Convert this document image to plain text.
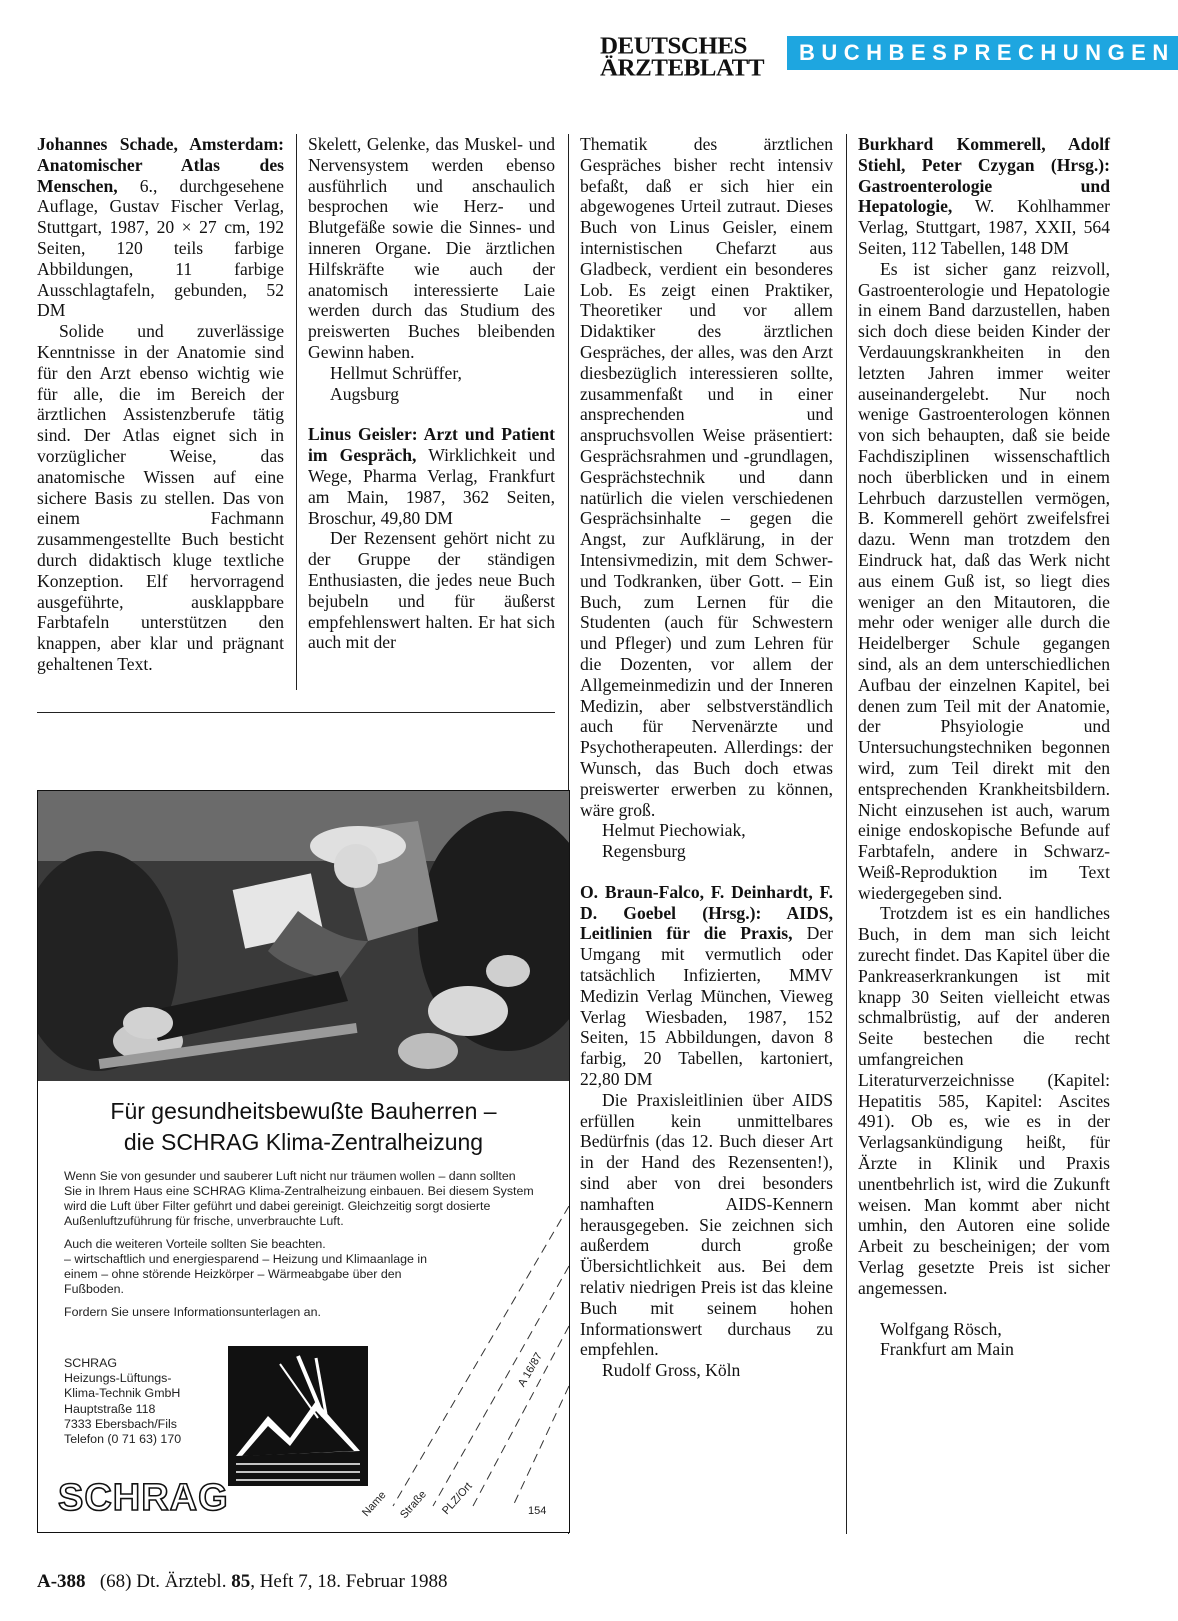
DEUTSCHES
ÄRZTEBLATT
BUCHBESPRECHUNGEN

Johannes Schade, Amsterdam: Anatomischer Atlas des Menschen, 6., durchgesehene Auflage, Gustav Fischer Verlag, Stuttgart, 1987, 20 × 27 cm, 192 Seiten, 120 teils farbige Abbildungen, 11 farbige Ausschlagtafeln, gebunden, 52 DM

Solide und zuverlässige Kenntnisse in der Anatomie sind für den Arzt ebenso wichtig wie für alle, die im Bereich der ärztlichen Assistenzberufe tätig sind. Der Atlas eignet sich in vorzüglicher Weise, das anatomische Wissen auf eine sichere Basis zu stellen. Das von einem Fachmann zusammengestellte Buch besticht durch didaktisch kluge textliche Konzeption. Elf hervorragend ausgeführte, ausklappbare Farbtafeln unterstützen den knappen, aber klar und prägnant gehaltenen Text.

Skelett, Gelenke, das Muskel- und Nervensystem werden ebenso ausführlich und anschaulich besprochen wie Herz- und Blutgefäße sowie die Sinnes- und inneren Organe. Die ärztlichen Hilfskräfte wie auch der anatomisch interessierte Laie werden durch das Studium des preiswerten Buches bleibenden Gewinn haben.

Hellmut Schrüffer,

Augsburg

Linus Geisler: Arzt und Patient im Gespräch, Wirklichkeit und Wege, Pharma Verlag, Frankfurt am Main, 1987, 362 Seiten, Broschur, 49,80 DM

Der Rezensent gehört nicht zu der Gruppe der ständigen Enthusiasten, die jedes neue Buch bejubeln und für äußerst empfehlenswert halten. Er hat sich auch mit der

Thematik des ärztlichen Gespräches bisher recht intensiv befaßt, daß er sich hier ein abgewogenes Urteil zutraut. Dieses Buch von Linus Geisler, einem internistischen Chefarzt aus Gladbeck, verdient ein besonderes Lob. Es zeigt einen Praktiker, Theoretiker und vor allem Didaktiker des ärztlichen Gespräches, der alles, was den Arzt diesbezüglich interessieren sollte, zusammenfaßt und in einer ansprechenden und anspruchsvollen Weise präsentiert: Gesprächsrahmen und -grundlagen, Gesprächstechnik und dann natürlich die vielen verschiedenen Gesprächsinhalte – gegen die Angst, zur Aufklärung, in der Intensivmedizin, mit dem Schwer- und Todkranken, über Gott. – Ein Buch, zum Lernen für die Studenten (auch für Schwestern und Pfleger) und zum Lehren für die Dozenten, vor allem der Allgemeinmedizin und der Inneren Medizin, aber selbstverständlich auch für Nervenärzte und Psychotherapeuten. Allerdings: der Wunsch, das Buch doch etwas preiswerter erwerben zu können, wäre groß.

Helmut Piechowiak,

Regensburg

O. Braun-Falco, F. Deinhardt, F. D. Goebel (Hrsg.): AIDS, Leitlinien für die Praxis, Der Umgang mit vermutlich oder tatsächlich Infizierten, MMV Medizin Verlag München, Vieweg Verlag Wiesbaden, 1987, 152 Seiten, 15 Abbildungen, davon 8 farbig, 20 Tabellen, kartoniert, 22,80 DM

Die Praxisleitlinien über AIDS erfüllen kein unmittelbares Bedürfnis (das 12. Buch dieser Art in der Hand des Rezensenten!), sind aber von drei besonders namhaften AIDS-Kennern herausgegeben. Sie zeichnen sich außerdem durch große Übersichtlichkeit aus. Bei dem relativ niedrigen Preis ist das kleine Buch mit seinem hohen Informationswert durchaus zu empfehlen.

Rudolf Gross, Köln

Burkhard Kommerell, Adolf Stiehl, Peter Czygan (Hrsg.): Gastroenterologie und Hepatologie, W. Kohlhammer Verlag, Stuttgart, 1987, XXII, 564 Seiten, 112 Tabellen, 148 DM

Es ist sicher ganz reizvoll, Gastroenterologie und Hepatologie in einem Band darzustellen, haben sich doch diese beiden Kinder der Verdauungskrankheiten in den letzten Jahren immer weiter auseinandergelebt. Nur noch wenige Gastroenterologen können von sich behaupten, daß sie beide Fachdisziplinen wissenschaftlich noch überblicken und in einem Lehrbuch darzustellen vermögen, B. Kommerell gehört zweifelsfrei dazu. Wenn man trotzdem den Eindruck hat, daß das Werk nicht aus einem Guß ist, so liegt dies weniger an den Mitautoren, die mehr oder weniger alle durch die Heidelberger Schule gegangen sind, als an dem unterschiedlichen Aufbau der einzelnen Kapitel, bei denen zum Teil mit der Anatomie, der Phsyiologie und Untersuchungstechniken begonnen wird, zum Teil direkt mit den entsprechenden Krankheitsbildern. Nicht einzusehen ist auch, warum einige endoskopische Befunde auf Farbtafeln, andere in Schwarz-Weiß-Reproduktion im Text wiedergegeben sind.

Trotzdem ist es ein handliches Buch, in dem man sich leicht zurecht findet. Das Kapitel über die Pankreaserkrankungen ist mit knapp 30 Seiten vielleicht etwas schmalbrüstig, auf der anderen Seite bestechen die recht umfangreichen Literaturverzeichnisse (Kapitel: Hepatitis 585, Kapitel: Ascites 491). Ob es, wie es in der Verlagsankündigung heißt, für Ärzte in Klinik und Praxis unentbehrlich ist, wird die Zukunft weisen. Man kommt aber nicht umhin, den Autoren eine solide Arbeit zu bescheinigen; der vom Verlag gesetzte Preis ist sicher angemessen.

Wolfgang Rösch,

Frankfurt am Main

Für gesundheitsbewußte Bauherren –
die SCHRAG Klima-Zentralheizung
Wenn Sie von gesunder und sauberer Luft nicht nur träumen wollen – dann sollten Sie in Ihrem Haus eine SCHRAG Klima-Zentralheizung einbauen. Bei diesem System wird die Luft über Filter geführt und dabei gereinigt. Gleichzeitig sorgt dosierte Außenluftzuführung für frische, unverbrauchte Luft.
Auch die weiteren Vorteile sollten Sie beachten.
– wirtschaftlich und energiesparend – Heizung und Klimaanlage in einem – ohne störende Heizkörper – Wärmeabgabe über den Fußboden.
Fordern Sie unsere Informationsunterlagen an.
A 16/87
SCHRAG
Heizungs-Lüftungs-
Klima-Technik GmbH
Hauptstraße 118
7333 Ebersbach/Fils
Telefon (0 71 63) 170
Name Straße PLZ/Ort
SCHRAG	154
A-388 (68) Dt. Ärztebl. 85, Heft 7, 18. Februar 1988
